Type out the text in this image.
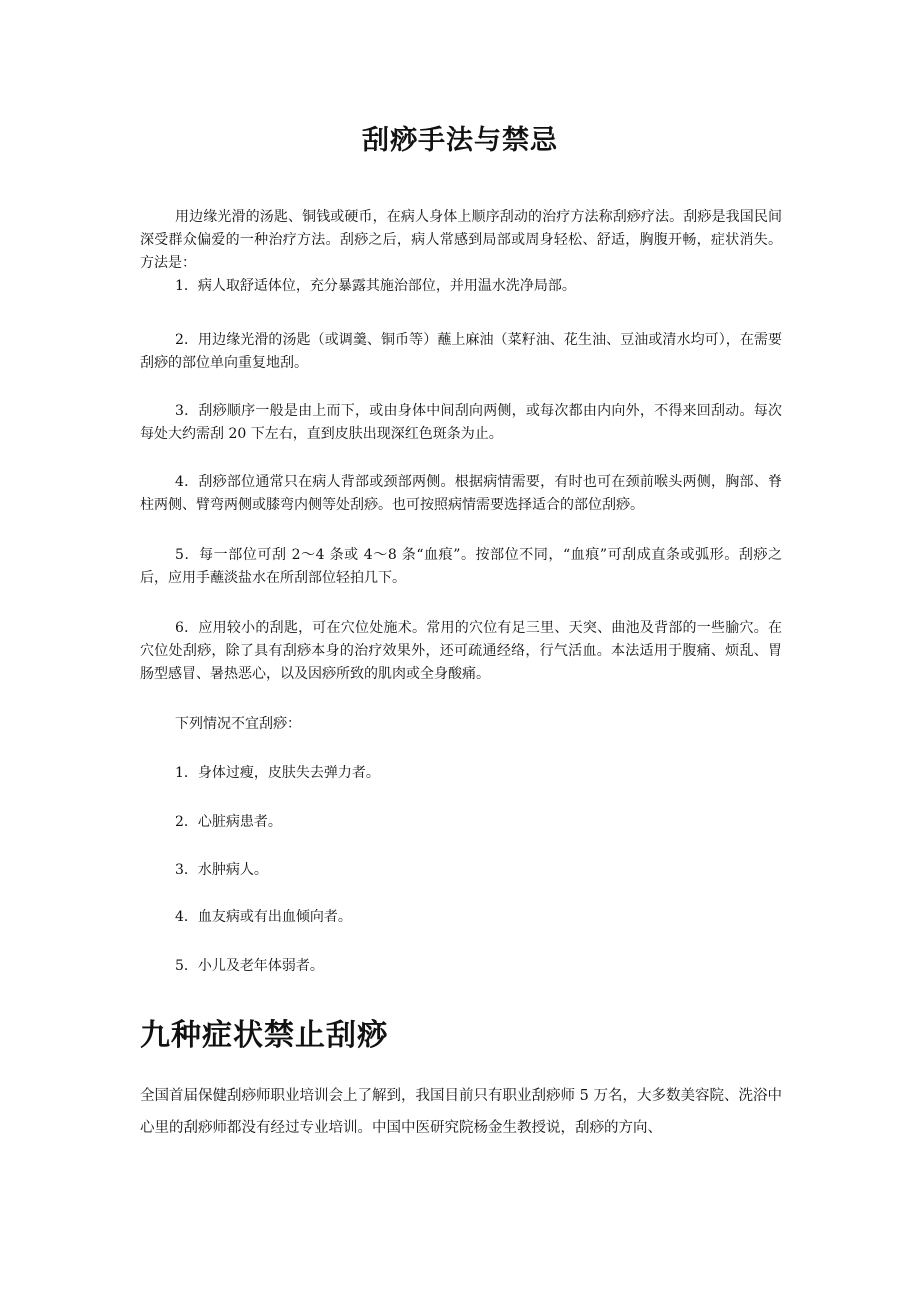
刮痧手法与禁忌

用边缘光滑的汤匙、铜钱或硬币，在病人身体上顺序刮动的治疗方法称刮痧疗法。刮痧是我国民间深受群众偏爱的一种治疗方法。刮痧之后，病人常感到局部或周身轻松、舒适，胸腹开畅，症状消失。方法是：

1．病人取舒适体位，充分暴露其施治部位，并用温水洗净局部。

2．用边缘光滑的汤匙（或调羹、铜币等）蘸上麻油（菜籽油、花生油、豆油或清水均可），在需要刮痧的部位单向重复地刮。

3．刮痧顺序一般是由上而下，或由身体中间刮向两侧，或每次都由内向外，不得来回刮动。每次每处大约需刮 20 下左右，直到皮肤出现深红色斑条为止。

4．刮痧部位通常只在病人背部或颈部两侧。根据病情需要，有时也可在颈前喉头两侧，胸部、脊柱两侧、臂弯两侧或膝弯内侧等处刮痧。也可按照病情需要选择适合的部位刮痧。

5．每一部位可刮 2～4 条或 4～8 条“血痕”。按部位不同，“血痕”可刮成直条或弧形。刮痧之后，应用手蘸淡盐水在所刮部位轻拍几下。

6．应用较小的刮匙，可在穴位处施术。常用的穴位有足三里、天突、曲池及背部的一些腧穴。在穴位处刮痧，除了具有刮痧本身的治疗效果外，还可疏通经络，行气活血。本法适用于腹痛、烦乱、胃肠型感冒、暑热恶心，以及因痧所致的肌肉或全身酸痛。

下列情况不宜刮痧：

1．身体过瘦，皮肤失去弹力者。

2．心脏病患者。

3．水肿病人。

4．血友病或有出血倾向者。

5．小儿及老年体弱者。

九种症状禁止刮痧

全国首届保健刮痧师职业培训会上了解到，我国目前只有职业刮痧师 5 万名，大多数美容院、洗浴中心里的刮痧师都没有经过专业培训。中国中医研究院杨金生教授说，刮痧的方向、
